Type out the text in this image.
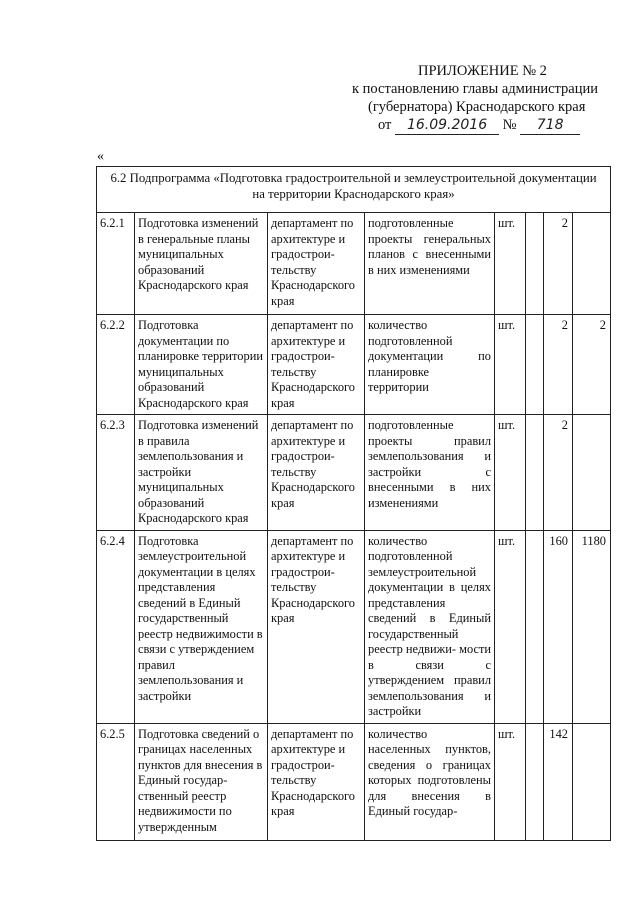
ПРИЛОЖЕНИЕ № 2
к постановлению главы администрации
(губернатора) Краснодарского края
от 16.09.2016 № 718
«
6.2 Подпрограмма «Подготовка градостроительной и землеустроительной документации на территории Краснодарского края»							
6.2.1	Подготовка изменений в генеральные планы муниципальных образований Краснодарского края	департамент по архитектуре и градострои- тельству Краснодарского края	подготовленные проекты генеральных планов с внесенными в них изменениями	шт.		2	
6.2.2	Подготовка документации по планировке территории муниципальных образований Краснодарского края	департамент по архитектуре и градострои- тельству Краснодарского края	количество подготовленной документации по планировке территории	шт.		2	2
6.2.3	Подготовка изменений в правила землепользования и застройки муниципальных образований Краснодарского края	департамент по архитектуре и градострои- тельству Краснодарского края	подготовленные проекты правил землепользования и застройки с внесенными в них изменениями	шт.		2	
6.2.4	Подготовка землеустроительной документации в целях представления сведений в Единый государственный реестр недвижимости в связи с утверждением правил землепользования и застройки	департамент по архитектуре и градострои- тельству Краснодарского края	количество подготовленной землеустроительной документации в целях представления сведений в Единый государственный реестр недвижи- мости в связи с утверждением правил землепользования и застройки	шт.		160	1180
6.2.5	Подготовка сведений о границах населенных пунктов для внесения в Единый государ- ственный реестр недвижимости по утвержденным	департамент по архитектуре и градострои- тельству Краснодарского края	количество населенных пунктов, сведения о границах которых подготовлены для внесения в Единый государ-	шт.		142	
